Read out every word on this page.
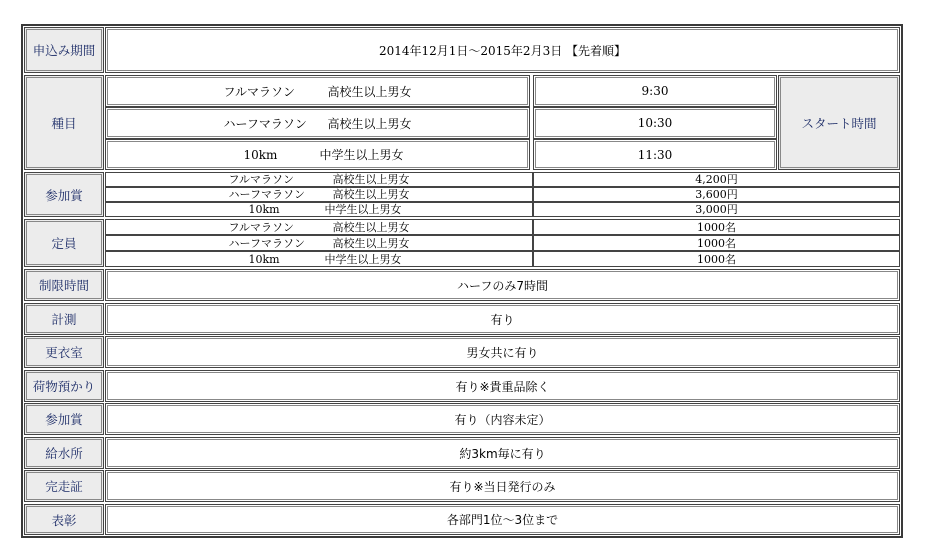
申込み期間	2014年12月1日～2015年2月3日 【先着順】
種目
フルマラソン	高校生以上男女	9:30
ハーフマラソン 高校生以上男女	10:30
10km	中学生以上男女	11:30
スタート時間
参加賞
フルマラソン	高校生以上男女	4,200円
ハーフマラソン	高校生以上男女	3,600円
10km	中学生以上男女	3,000円
定員
フルマラソン	高校生以上男女	1000名
ハーフマラソン	高校生以上男女	1000名
10km	中学生以上男女	1000名
制限時間	ハーフのみ7時間
計測	有り
更衣室	男女共に有り
荷物預かり	有り※貴重品除く
参加賞	有り（内容未定）
給水所	約3km毎に有り
完走証	有り※当日発行のみ
表彰	各部門1位～3位まで
